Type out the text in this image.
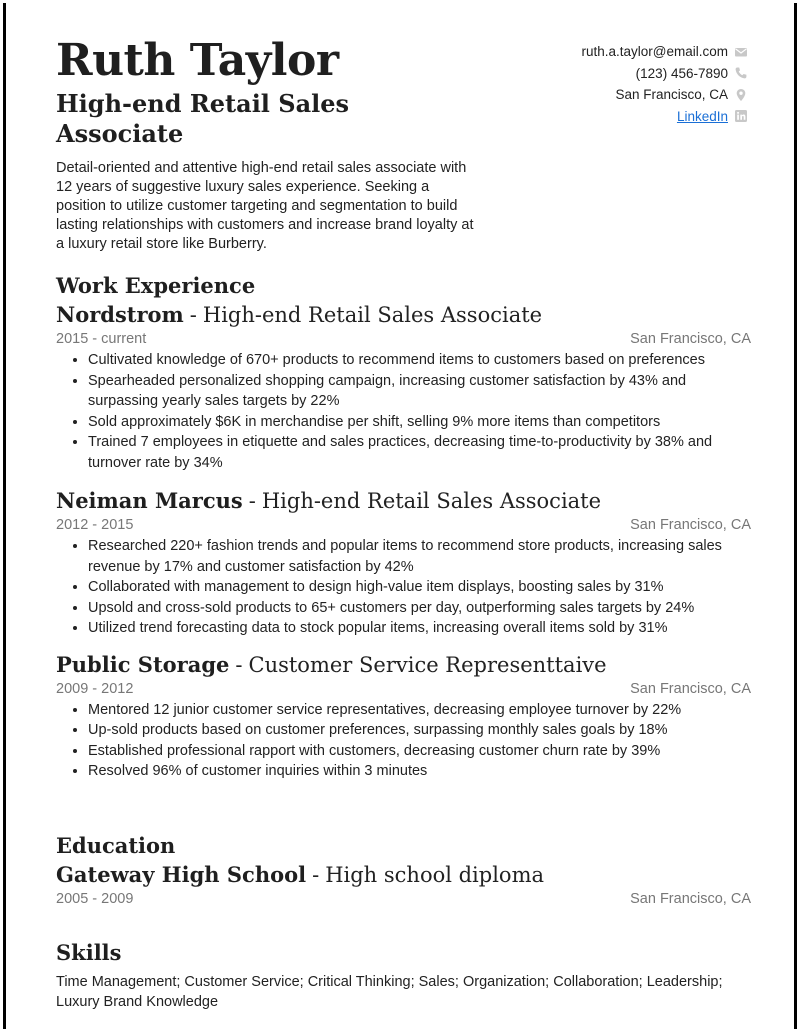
Ruth Taylor
High-end Retail Sales Associate
Detail-oriented and attentive high-end retail sales associate with 12 years of suggestive luxury sales experience. Seeking a position to utilize customer targeting and segmentation to build lasting relationships with customers and increase brand loyalty at a luxury retail store like Burberry.
ruth.a.taylor@email.com
(123) 456-7890
San Francisco, CA
LinkedIn
Work Experience
Nordstrom - High-end Retail Sales Associate
2015 - current	San Francisco, CA
• Cultivated knowledge of 670+ products to recommend items to customers based on preferences
• Spearheaded personalized shopping campaign, increasing customer satisfaction by 43% and surpassing yearly sales targets by 22%
• Sold approximately $6K in merchandise per shift, selling 9% more items than competitors
• Trained 7 employees in etiquette and sales practices, decreasing time-to-productivity by 38% and turnover rate by 34%
Neiman Marcus - High-end Retail Sales Associate
2012 - 2015	San Francisco, CA
• Researched 220+ fashion trends and popular items to recommend store products, increasing sales revenue by 17% and customer satisfaction by 42%
• Collaborated with management to design high-value item displays, boosting sales by 31%
• Upsold and cross-sold products to 65+ customers per day, outperforming sales targets by 24%
• Utilized trend forecasting data to stock popular items, increasing overall items sold by 31%
Public Storage - Customer Service Representtaive
2009 - 2012	San Francisco, CA
• Mentored 12 junior customer service representatives, decreasing employee turnover by 22%
• Up-sold products based on customer preferences, surpassing monthly sales goals by 18%
• Established professional rapport with customers, decreasing customer churn rate by 39%
• Resolved 96% of customer inquiries within 3 minutes
Education
Gateway High School - High school diploma
2005 - 2009	San Francisco, CA
Skills
Time Management; Customer Service; Critical Thinking; Sales; Organization; Collaboration; Leadership; Luxury Brand Knowledge
